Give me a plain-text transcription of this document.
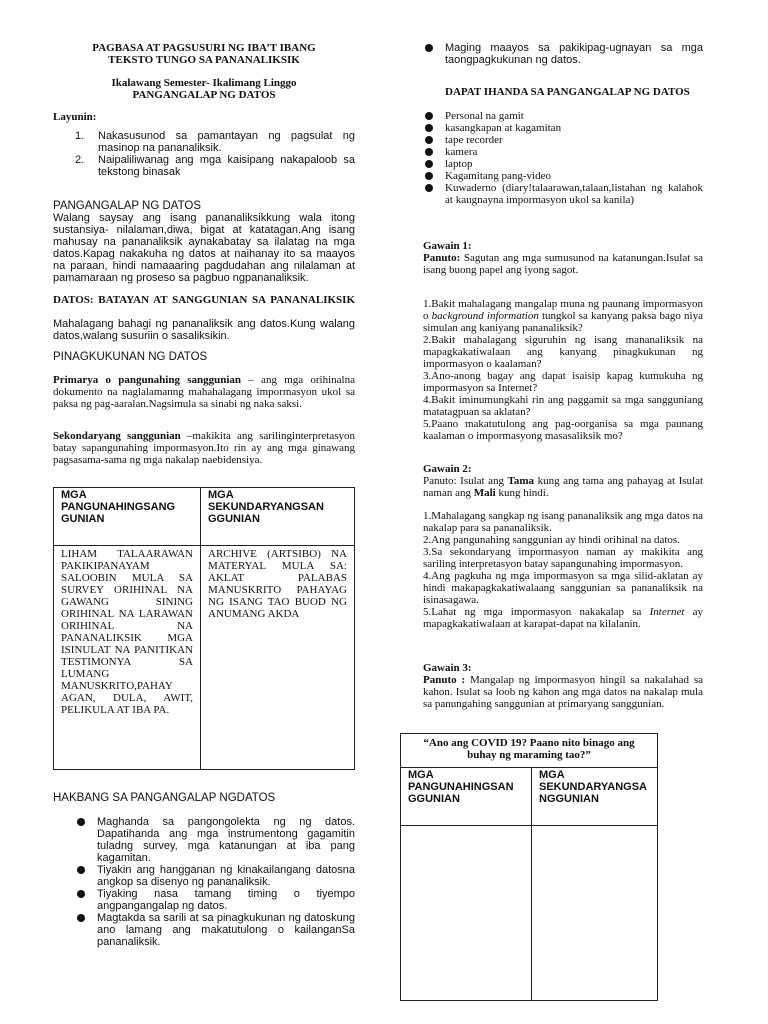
PAGBASA AT PAGSUSURI NG IBA’T IBANG
TEKSTO TUNGO SA PANANALIKSIK
Ikalawang Semester- Ikalimang Linggo
PANGANGALAP NG DATOS
Layunin:
1. Nakasusunod sa pamantayan ng pagsulat ng masinop na pananaliksik.
2. Naipaliliwanag ang mga kaisipang nakapaloob sa tekstong binasak
PANGANGALAP NG DATOS

Walang saysay ang isang pananaliksikkung wala itong sustansiya- nilalaman,diwa, bigat at katatagan.Ang isang mahusay na pananaliksik aynakabatay sa ilalatag na mga datos.Kapag nakakuha ng datos at naihanay ito sa maayos na paraan, hindi namaaaring pagdudahan ang nilalaman at pamamaraan ng proseso sa pagbuo ngpananaliksik.

DATOS: BATAYAN AT SANGGUNIAN SA PANANALIKSIK

Mahalagang bahagi ng pananaliksik ang datos.Kung walang datos,walang susuriin o sasaliksikin.

PINAGKUKUNAN NG DATOS

Primarya o pangunahing sanggunian – ang mga orihinalna dokumento na naglalamanng mahahalagang impormasyon ukol sa paksa ng pag-aaralan.Nagsimula sa sinabi ng naka saksi.

Sekondaryang sanggunian –makikita ang sarilinginterpretasyon batay sapangunahing impormasyon.Ito rin ay ang mga ginawang pagsasama-sama ng mga nakalap naebidensiya.

MGA PANGUNAHINGSANG GUNIAN	MGA SEKUNDARYANGSAN GGUNIAN
LIHAM TALAARAWAN PAKIKIPANAYAM SALOOBIN MULA SA SURVEY ORIHINAL NA GAWANG SINING ORIHINAL NA LARAWAN ORIHINAL NA PANANALIKSIK MGA ISINULAT NA PANITIKAN TESTIMONYA SA LUMANG MANUSKRITO,PAHAY AGAN, DULA, AWIT, PELIKULA AT IBA PA.	ARCHIVE (ARTSIBO) NA MATERYAL MULA SA: AKLAT PALABAS MANUSKRITO PAHAYAG NG ISANG TAO BUOD NG ANUMANG AKDA
HAKBANG SA PANGANGALAP NGDATOS
Maghanda sa pangongolekta ng ng datos. Dapatihanda ang mga instrumentong gagamitin tuladng survey, mga katanungan at iba pang kagamitan.
Tiyakin ang hangganan ng kinakailangang datosna angkop sa disenyo ng pananaliksik.
Tiyaking nasa tamang timing o tiyempo angpangangalap ng datos.
Magtakda sa sarili at sa pinagkukunan ng datoskung ano lamang ang makatutulong o kailanganSa pananaliksik.
Maging maayos sa pakikipag-ugnayan sa mga taongpagkukunan ng datos.
DAPAT IHANDA SA PANGANGALAP NG DATOS
Personal na gamit
kasangkapan at kagamitan
tape recorder
kamera
laptop
Kagamitang pang-video
Kuwaderno (diary!talaarawan,talaan,listahan ng kalahok at kaugnayna impormasyon ukol sa kanila)
Gawain 1:

Panuto: Sagutan ang mga sumusunod na katanungan.Isulat sa isang buong papel ang iyong sagot.

1.Bakit mahalagang mangalap muna ng paunang impormasyon o background information tungkol sa kanyang paksa bago niya simulan ang kaniyang pananaliksik?

2.Bakit mahalagang siguruhin ng isang mananaliksik na mapagkakatiwalaan ang kanyang pinagkukunan ng impormasyon o kaalaman?

3.Ano-anong bagay ang dapat isaisip kapag kumukuha ng impormasyon sa Internet?

4.Bakit iminumungkahi rin ang paggamit sa mga sangguniang matatagpuan sa aklatan?

5.Paano makatutulong ang pag-oorganisa sa mga paunang kaalaman o impormasyong masasaliksik mo?

Gawain 2:

Panuto: Isulat ang Tama kung ang tama ang pahayag at Isulat naman ang Mali kung hindi.

1.Mahalagang sangkap ng isang pananaliksik ang mga datos na nakalap para sa pananaliksik.

2.Ang pangunahing sanggunian ay hindi orihinal na datos.

3.Sa sekondaryang impormasyon naman ay makikita ang sariling interpretasyon batay sapangunahing impormasyon.

4.Ang pagkuha ng mga impormasyon sa mga silid-aklatan ay hindi makapagkakatiwalaang sanggunian sa pananaliksik na isinasagawa.

5.Lahat ng mga impormasyon nakakalap sa Internet ay mapagkakatiwalaan at karapat-dapat na kilalanin.

Gawain 3:

Panuto : Mangalap ng impormasyon hingil sa nakalahad sa kahon. Isulat sa loob ng kahon ang mga datos na nakalap mula sa panungahing sanggunian at primaryang sanggunian.

“Ano ang COVID 19? Paano nito binago ang buhay ng maraming tao?”	
MGA PANGUNAHINGSAN GGUNIAN	MGA SEKUNDARYANGSA NGGUNIAN
